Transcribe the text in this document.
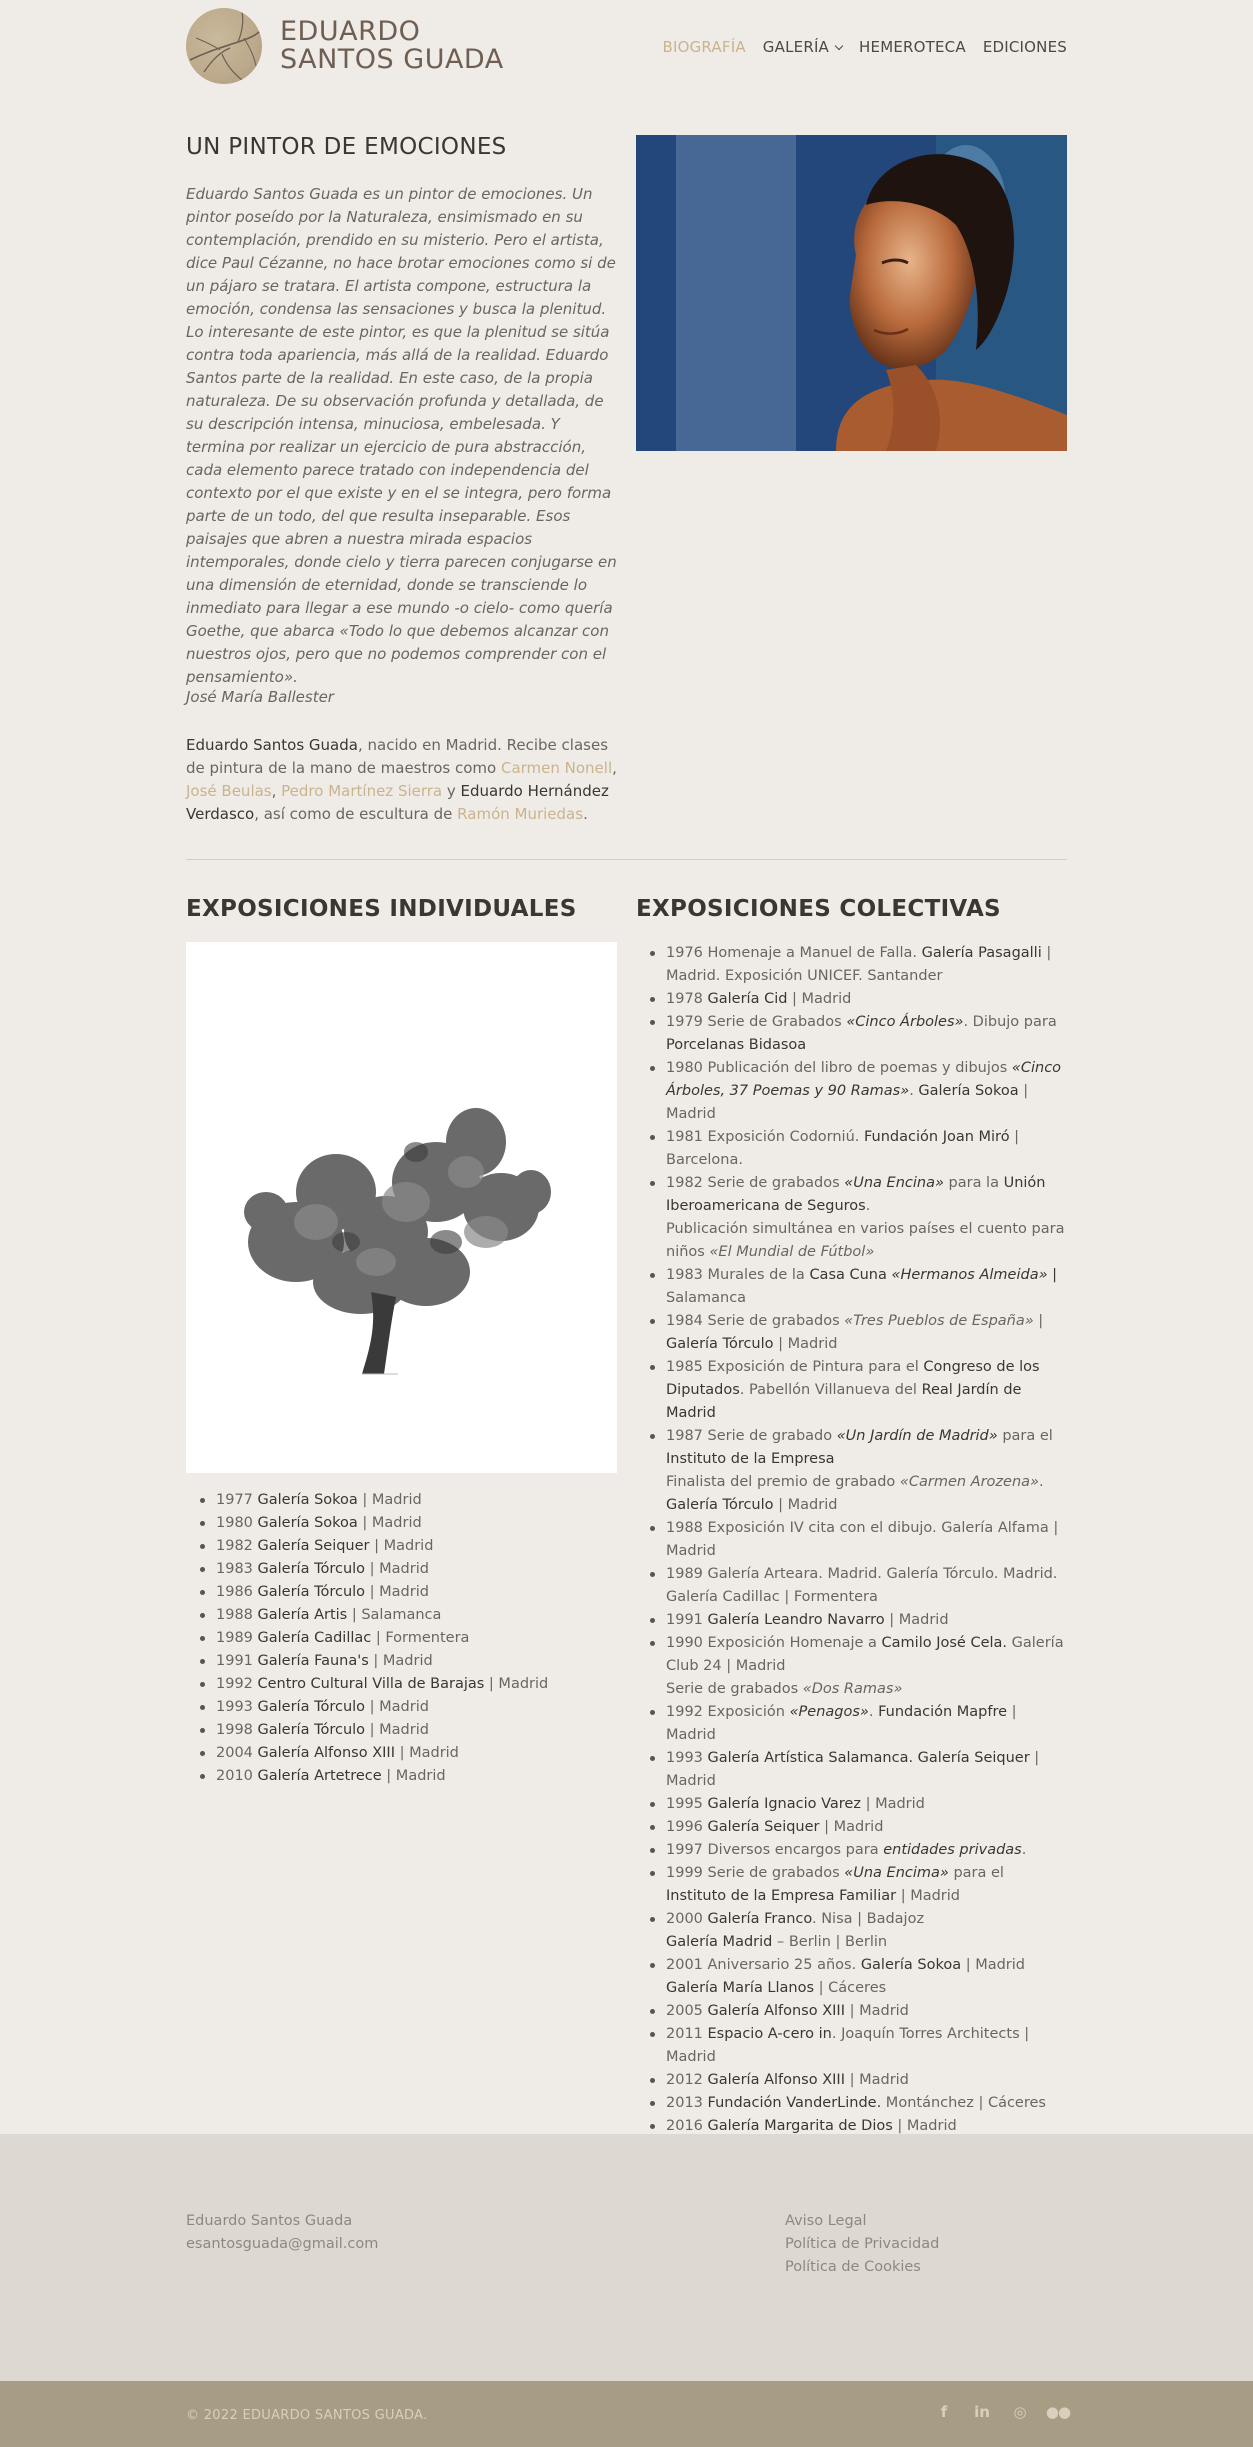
EDUARDO
SANTOS GUADA	BIOGRAFÍA GALERÍA	HEMEROTECA EDICIONES
UN PINTOR DE EMOCIONES

Eduardo Santos Guada es un pintor de emociones. Un pintor poseído por la Naturaleza, ensimismado en su contemplación, prendido en su misterio. Pero el artista, dice Paul Cézanne, no hace brotar emociones como si de un pájaro se tratara. El artista compone, estructura la emoción, condensa las sensaciones y busca la plenitud. Lo interesante de este pintor, es que la plenitud se sitúa contra toda apariencia, más allá de la realidad. Eduardo Santos parte de la realidad. En este caso, de la propia naturaleza. De su observación profunda y detallada, de su descripción intensa, minuciosa, embelesada. Y termina por realizar un ejercicio de pura abstracción, cada elemento parece tratado con independencia del contexto por el que existe y en el se integra, pero forma parte de un todo, del que resulta inseparable. Esos paisajes que abren a nuestra mirada espacios intemporales, donde cielo y tierra parecen conjugarse en una dimensión de eternidad, donde se transciende lo inmediato para llegar a ese mundo -o cielo- como quería Goethe, que abarca «Todo lo que debemos alcanzar con nuestros ojos, pero que no podemos comprender con el pensamiento».

José María Ballester

Eduardo Santos Guada, nacido en Madrid. Recibe clases de pintura de la mano de maestros como Carmen Nonell, José Beulas, Pedro Martínez Sierra y Eduardo Hernández Verdasco, así como de escultura de Ramón Muriedas.

EXPOSICIONES INDIVIDUALES
1977 Galería Sokoa | Madrid
1980 Galería Sokoa | Madrid
1982 Galería Seiquer | Madrid
1983 Galería Tórculo | Madrid
1986 Galería Tórculo | Madrid
1988 Galería Artis | Salamanca
1989 Galería Cadillac | Formentera
1991 Galería Fauna's | Madrid
1992 Centro Cultural Villa de Barajas | Madrid
1993 Galería Tórculo | Madrid
1998 Galería Tórculo | Madrid
2004 Galería Alfonso XIII | Madrid
2010 Galería Artetrece | Madrid
EXPOSICIONES COLECTIVAS
1976 Homenaje a Manuel de Falla. Galería Pasagalli | Madrid. Exposición UNICEF. Santander
1978 Galería Cid | Madrid
1979 Serie de Grabados «Cinco Árboles». Dibujo para Porcelanas Bidasoa
1980 Publicación del libro de poemas y dibujos «Cinco Árboles, 37 Poemas y 90 Ramas». Galería Sokoa | Madrid
1981 Exposición Codorniú. Fundación Joan Miró | Barcelona.
1982 Serie de grabados «Una Encina» para la Unión Iberoamericana de Seguros.
Publicación simultánea en varios países el cuento para niños «El Mundial de Fútbol»
1983 Murales de la Casa Cuna «Hermanos Almeida» | Salamanca
1984 Serie de grabados «Tres Pueblos de España» | Galería Tórculo | Madrid
1985 Exposición de Pintura para el Congreso de los Diputados. Pabellón Villanueva del Real Jardín de Madrid
1987 Serie de grabado «Un Jardín de Madrid» para el Instituto de la Empresa
Finalista del premio de grabado «Carmen Arozena». Galería Tórculo | Madrid
1988 Exposición IV cita con el dibujo. Galería Alfama | Madrid
1989 Galería Arteara. Madrid. Galería Tórculo. Madrid. Galería Cadillac | Formentera
1991 Galería Leandro Navarro | Madrid
1990 Exposición Homenaje a Camilo José Cela. Galería Club 24 | Madrid
Serie de grabados «Dos Ramas»
1992 Exposición «Penagos». Fundación Mapfre | Madrid
1993 Galería Artística Salamanca. Galería Seiquer | Madrid
1995 Galería Ignacio Varez | Madrid
1996 Galería Seiquer | Madrid
1997 Diversos encargos para entidades privadas.
1999 Serie de grabados «Una Encima» para el Instituto de la Empresa Familiar | Madrid
2000 Galería Franco. Nisa | Badajoz
Galería Madrid – Berlin | Berlin
2001 Aniversario 25 años. Galería Sokoa | Madrid
Galería María Llanos | Cáceres
2005 Galería Alfonso XIII | Madrid
2011 Espacio A-cero in. Joaquín Torres Architects | Madrid
2012 Galería Alfonso XIII | Madrid
2013 Fundación VanderLinde. Montánchez | Cáceres
2016 Galería Margarita de Dios | Madrid
Eduardo Santos Guada
esantosguada@gmail.com
Aviso Legal
Política de Privacidad
Política de Cookies
© 2022 EDUARDO SANTOS GUADA.	f	in ◎ ●●
